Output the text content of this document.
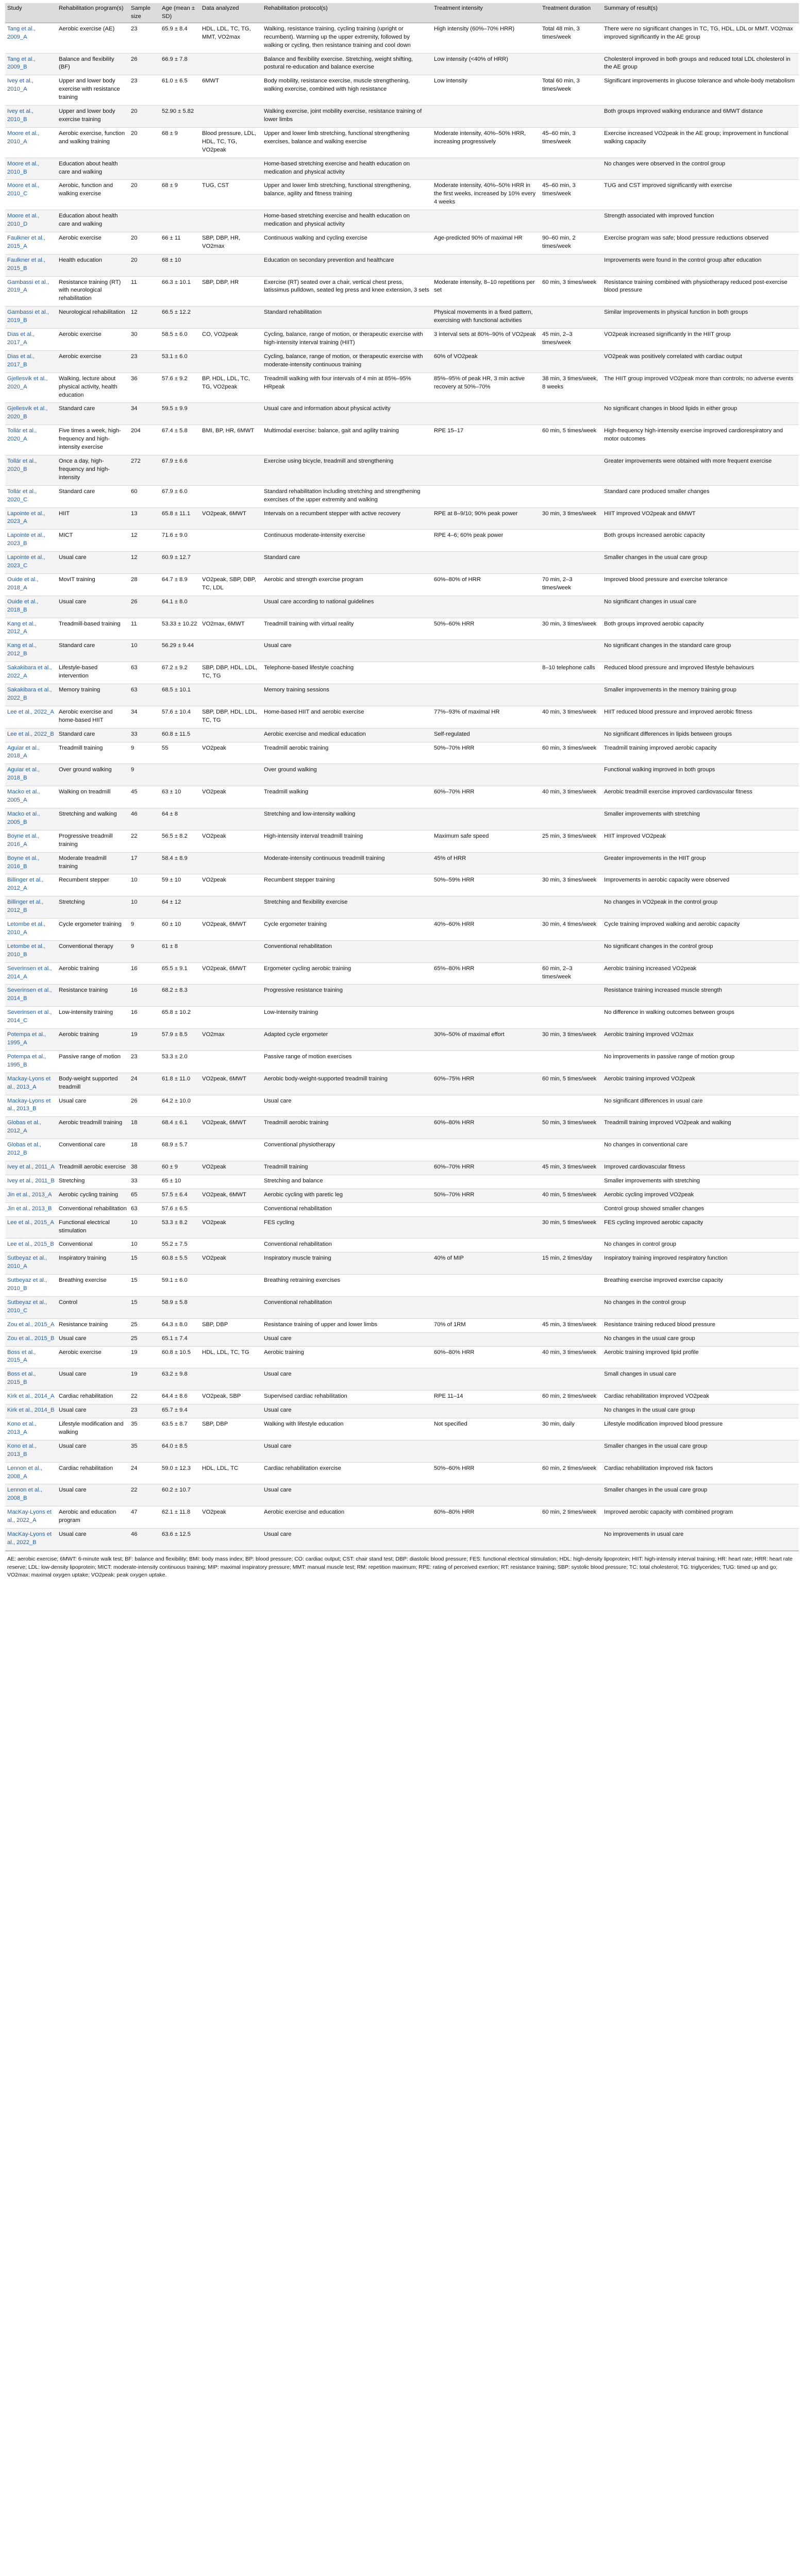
Study	Rehabilitation program(s)	Sample size	Age (mean ± SD)	Data analyzed	Rehabilitation protocol(s)	Treatment intensity	Treatment duration	Summary of result(s)
Tang et al., 2009_A	Aerobic exercise (AE)	23	65.9 ± 8.4	HDL, LDL, TC, TG, MMT, VO2max	Walking, resistance training, cycling training (upright or recumbent). Warming up the upper extremity, followed by walking or cycling, then resistance training and cool down	High intensity (60%–70% HRR)	Total 48 min, 3 times/week	There were no significant changes in TC, TG, HDL, LDL or MMT. VO2max improved significantly in the AE group
Tang et al., 2009_B	Balance and flexibility (BF)	26	66.9 ± 7.8		Balance and flexibility exercise. Stretching, weight shifting, postural re-education and balance exercise	Low intensity (<40% of HRR)		Cholesterol improved in both groups and reduced total LDL cholesterol in the AE group
Ivey et al., 2010_A	Upper and lower body exercise with resistance training	23	61.0 ± 6.5	6MWT	Body mobility, resistance exercise, muscle strengthening, walking exercise, combined with high resistance	Low intensity	Total 60 min, 3 times/week	Significant improvements in glucose tolerance and whole-body metabolism
Ivey et al., 2010_B	Upper and lower body exercise training	20	52.90 ± 5.82		Walking exercise, joint mobility exercise, resistance training of lower limbs			Both groups improved walking endurance and 6MWT distance
Moore et al., 2010_A	Aerobic exercise, function and walking training	20	68 ± 9	Blood pressure, LDL, HDL, TC, TG, VO2peak	Upper and lower limb stretching, functional strengthening exercises, balance and walking exercise	Moderate intensity, 40%–50% HRR, increasing progressively	45–60 min, 3 times/week	Exercise increased VO2peak in the AE group; improvement in functional walking capacity
Moore et al., 2010_B	Education about health care and walking				Home-based stretching exercise and health education on medication and physical activity			No changes were observed in the control group
Moore et al., 2010_C	Aerobic, function and walking exercise	20	68 ± 9	TUG, CST	Upper and lower limb stretching, functional strengthening, balance, agility and fitness training	Moderate intensity, 40%–50% HRR in the first weeks, increased by 10% every 4 weeks	45–60 min, 3 times/week	TUG and CST improved significantly with exercise
Moore et al., 2010_D	Education about health care and walking				Home-based stretching exercise and health education on medication and physical activity			Strength associated with improved function
Faulkner et al., 2015_A	Aerobic exercise	20	66 ± 11	SBP, DBP, HR, VO2max	Continuous walking and cycling exercise	Age-predicted 90% of maximal HR	90–60 min, 2 times/week	Exercise program was safe; blood pressure reductions observed
Faulkner et al., 2015_B	Health education	20	68 ± 10		Education on secondary prevention and healthcare			Improvements were found in the control group after education
Gambassi et al., 2019_A	Resistance training (RT) with neurological rehabilitation	11	66.3 ± 10.1	SBP, DBP, HR	Exercise (RT) seated over a chair, vertical chest press, latissimus pulldown, seated leg press and knee extension, 3 sets	Moderate intensity, 8–10 repetitions per set	60 min, 3 times/week	Resistance training combined with physiotherapy reduced post-exercise blood pressure
Gambassi et al., 2019_B	Neurological rehabilitation	12	66.5 ± 12.2		Standard rehabilitation	Physical movements in a fixed pattern, exercising with functional activities		Similar improvements in physical function in both groups
Dias et al., 2017_A	Aerobic exercise	30	58.5 ± 6.0	CO, VO2peak	Cycling, balance, range of motion, or therapeutic exercise with high-intensity interval training (HIIT)	3 interval sets at 80%–90% of VO2peak	45 min, 2–3 times/week	VO2peak increased significantly in the HIIT group
Dias et al., 2017_B	Aerobic exercise	23	53.1 ± 6.0		Cycling, balance, range of motion, or therapeutic exercise with moderate-intensity continuous training	60% of VO2peak		VO2peak was positively correlated with cardiac output
Gjellesvik et al., 2020_A	Walking, lecture about physical activity, health education	36	57.6 ± 9.2	BP, HDL, LDL, TC, TG, VO2peak	Treadmill walking with four intervals of 4 min at 85%–95% HRpeak	85%–95% of peak HR, 3 min active recovery at 50%–70%	38 min, 3 times/week, 8 weeks	The HIIT group improved VO2peak more than controls; no adverse events
Gjellesvik et al., 2020_B	Standard care	34	59.5 ± 9.9		Usual care and information about physical activity			No significant changes in blood lipids in either group
Tollár et al., 2020_A	Five times a week, high-frequency and high-intensity exercise	204	67.4 ± 5.8	BMI, BP, HR, 6MWT	Multimodal exercise: balance, gait and agility training	RPE 15–17	60 min, 5 times/week	High-frequency high-intensity exercise improved cardiorespiratory and motor outcomes
Tollár et al., 2020_B	Once a day, high-frequency and high-intensity	272	67.9 ± 6.6		Exercise using bicycle, treadmill and strengthening			Greater improvements were obtained with more frequent exercise
Tollár et al., 2020_C	Standard care	60	67.9 ± 6.0		Standard rehabilitation including stretching and strengthening exercises of the upper extremity and walking			Standard care produced smaller changes
Lapointe et al., 2023_A	HIIT	13	65.8 ± 11.1	VO2peak, 6MWT	Intervals on a recumbent stepper with active recovery	RPE at 8–9/10; 90% peak power	30 min, 3 times/week	HIIT improved VO2peak and 6MWT
Lapointe et al., 2023_B	MICT	12	71.6 ± 9.0		Continuous moderate-intensity exercise	RPE 4–6; 60% peak power		Both groups increased aerobic capacity
Lapointe et al., 2023_C	Usual care	12	60.9 ± 12.7		Standard care			Smaller changes in the usual care group
Ouide et al., 2018_A	MovIT training	28	64.7 ± 8.9	VO2peak, SBP, DBP, TC, LDL	Aerobic and strength exercise program	60%–80% of HRR	70 min, 2–3 times/week	Improved blood pressure and exercise tolerance
Ouide et al., 2018_B	Usual care	26	64.1 ± 8.0		Usual care according to national guidelines			No significant changes in usual care
Kang et al., 2012_A	Treadmill-based training	11	53.33 ± 10.22	VO2max, 6MWT	Treadmill training with virtual reality	50%–60% HRR	30 min, 3 times/week	Both groups improved aerobic capacity
Kang et al., 2012_B	Standard care	10	56.29 ± 9.44		Usual care			No significant changes in the standard care group
Sakakibara et al., 2022_A	Lifestyle-based intervention	63	67.2 ± 9.2	SBP, DBP, HDL, LDL, TC, TG	Telephone-based lifestyle coaching		8–10 telephone calls	Reduced blood pressure and improved lifestyle behaviours
Sakakibara et al., 2022_B	Memory training	63	68.5 ± 10.1		Memory training sessions			Smaller improvements in the memory training group
Lee et al., 2022_A	Aerobic exercise and home-based HIIT	34	57.6 ± 10.4	SBP, DBP, HDL, LDL, TC, TG	Home-based HIIT and aerobic exercise	77%–93% of maximal HR	40 min, 3 times/week	HIIT reduced blood pressure and improved aerobic fitness
Lee et al., 2022_B	Standard care	33	60.8 ± 11.5		Aerobic exercise and medical education	Self-regulated		No significant differences in lipids between groups
Aguiar et al., 2018_A	Treadmill training	9	55	VO2peak	Treadmill aerobic training	50%–70% HRR	60 min, 3 times/week	Treadmill training improved aerobic capacity
Aguiar et al., 2018_B	Over ground walking	9			Over ground walking			Functional walking improved in both groups
Macko et al., 2005_A	Walking on treadmill	45	63 ± 10	VO2peak	Treadmill walking	60%–70% HRR	40 min, 3 times/week	Aerobic treadmill exercise improved cardiovascular fitness
Macko et al., 2005_B	Stretching and walking	46	64 ± 8		Stretching and low-intensity walking			Smaller improvements with stretching
Boyne et al., 2016_A	Progressive treadmill training	22	56.5 ± 8.2	VO2peak	High-intensity interval treadmill training	Maximum safe speed	25 min, 3 times/week	HIIT improved VO2peak
Boyne et al., 2016_B	Moderate treadmill training	17	58.4 ± 8.9		Moderate-intensity continuous treadmill training	45% of HRR		Greater improvements in the HIIT group
Billinger et al., 2012_A	Recumbent stepper	10	59 ± 10	VO2peak	Recumbent stepper training	50%–59% HRR	30 min, 3 times/week	Improvements in aerobic capacity were observed
Billinger et al., 2012_B	Stretching	10	64 ± 12		Stretching and flexibility exercise			No changes in VO2peak in the control group
Letombe et al., 2010_A	Cycle ergometer training	9	60 ± 10	VO2peak, 6MWT	Cycle ergometer training	40%–60% HRR	30 min, 4 times/week	Cycle training improved walking and aerobic capacity
Letombe et al., 2010_B	Conventional therapy	9	61 ± 8		Conventional rehabilitation			No significant changes in the control group
Severinsen et al., 2014_A	Aerobic training	16	65.5 ± 9.1	VO2peak, 6MWT	Ergometer cycling aerobic training	65%–80% HRR	60 min, 2–3 times/week	Aerobic training increased VO2peak
Severinsen et al., 2014_B	Resistance training	16	68.2 ± 8.3		Progressive resistance training			Resistance training increased muscle strength
Severinsen et al., 2014_C	Low-intensity training	16	65.8 ± 10.2		Low-intensity training			No difference in walking outcomes between groups
Potempa et al., 1995_A	Aerobic training	19	57.9 ± 8.5	VO2max	Adapted cycle ergometer	30%–50% of maximal effort	30 min, 3 times/week	Aerobic training improved VO2max
Potempa et al., 1995_B	Passive range of motion	23	53.3 ± 2.0		Passive range of motion exercises			No improvements in passive range of motion group
Mackay-Lyons et al., 2013_A	Body-weight supported treadmill	24	61.8 ± 11.0	VO2peak, 6MWT	Aerobic body-weight-supported treadmill training	60%–75% HRR	60 min, 5 times/week	Aerobic training improved VO2peak
Mackay-Lyons et al., 2013_B	Usual care	26	64.2 ± 10.0		Usual care			No significant differences in usual care
Globas et al., 2012_A	Aerobic treadmill training	18	68.4 ± 6.1	VO2peak, 6MWT	Treadmill aerobic training	60%–80% HRR	50 min, 3 times/week	Treadmill training improved VO2peak and walking
Globas et al., 2012_B	Conventional care	18	68.9 ± 5.7		Conventional physiotherapy			No changes in conventional care
Ivey et al., 2011_A	Treadmill aerobic exercise	38	60 ± 9	VO2peak	Treadmill training	60%–70% HRR	45 min, 3 times/week	Improved cardiovascular fitness
Ivey et al., 2011_B	Stretching	33	65 ± 10		Stretching and balance			Smaller improvements with stretching
Jin et al., 2013_A	Aerobic cycling training	65	57.5 ± 6.4	VO2peak, 6MWT	Aerobic cycling with paretic leg	50%–70% HRR	40 min, 5 times/week	Aerobic cycling improved VO2peak
Jin et al., 2013_B	Conventional rehabilitation	63	57.6 ± 6.5		Conventional rehabilitation			Control group showed smaller changes
Lee et al., 2015_A	Functional electrical stimulation	10	53.3 ± 8.2	VO2peak	FES cycling		30 min, 5 times/week	FES cycling improved aerobic capacity
Lee et al., 2015_B	Conventional	10	55.2 ± 7.5		Conventional rehabilitation			No changes in control group
Sutbeyaz et al., 2010_A	Inspiratory training	15	60.8 ± 5.5	VO2peak	Inspiratory muscle training	40% of MIP	15 min, 2 times/day	Inspiratory training improved respiratory function
Sutbeyaz et al., 2010_B	Breathing exercise	15	59.1 ± 6.0		Breathing retraining exercises			Breathing exercise improved exercise capacity
Sutbeyaz et al., 2010_C	Control	15	58.9 ± 5.8		Conventional rehabilitation			No changes in the control group
Zou et al., 2015_A	Resistance training	25	64.3 ± 8.0	SBP, DBP	Resistance training of upper and lower limbs	70% of 1RM	45 min, 3 times/week	Resistance training reduced blood pressure
Zou et al., 2015_B	Usual care	25	65.1 ± 7.4		Usual care			No changes in the usual care group
Boss et al., 2015_A	Aerobic exercise	19	60.8 ± 10.5	HDL, LDL, TC, TG	Aerobic training	60%–80% HRR	40 min, 3 times/week	Aerobic training improved lipid profile
Boss et al., 2015_B	Usual care	19	63.2 ± 9.8		Usual care			Small changes in usual care
Kirk et al., 2014_A	Cardiac rehabilitation	22	64.4 ± 8.6	VO2peak, SBP	Supervised cardiac rehabilitation	RPE 11–14	60 min, 2 times/week	Cardiac rehabilitation improved VO2peak
Kirk et al., 2014_B	Usual care	23	65.7 ± 9.4		Usual care			No changes in the usual care group
Kono et al., 2013_A	Lifestyle modification and walking	35	63.5 ± 8.7	SBP, DBP	Walking with lifestyle education	Not specified	30 min, daily	Lifestyle modification improved blood pressure
Kono et al., 2013_B	Usual care	35	64.0 ± 8.5		Usual care			Smaller changes in the usual care group
Lennon et al., 2008_A	Cardiac rehabilitation	24	59.0 ± 12.3	HDL, LDL, TC	Cardiac rehabilitation exercise	50%–60% HRR	60 min, 2 times/week	Cardiac rehabilitation improved risk factors
Lennon et al., 2008_B	Usual care	22	60.2 ± 10.7		Usual care			Smaller changes in the usual care group
MacKay-Lyons et al., 2022_A	Aerobic and education program	47	62.1 ± 11.8	VO2peak	Aerobic exercise and education	60%–80% HRR	60 min, 2 times/week	Improved aerobic capacity with combined program
MacKay-Lyons et al., 2022_B	Usual care	46	63.6 ± 12.5		Usual care			No improvements in usual care
AE: aerobic exercise; 6MWT: 6-minute walk test; BF: balance and flexibility; BMI: body mass index; BP: blood pressure; CO: cardiac output; CST: chair stand test; DBP: diastolic blood pressure; FES: functional electrical stimulation; HDL: high-density lipoprotein; HIIT: high-intensity interval training; HR: heart rate; HRR: heart rate reserve; LDL: low-density lipoprotein; MICT: moderate-intensity continuous training; MIP: maximal inspiratory pressure; MMT: manual muscle test; RM: repetition maximum; RPE: rating of perceived exertion; RT: resistance training; SBP: systolic blood pressure; TC: total cholesterol; TG: triglycerides; TUG: timed up and go; VO2max: maximal oxygen uptake; VO2peak: peak oxygen uptake.
